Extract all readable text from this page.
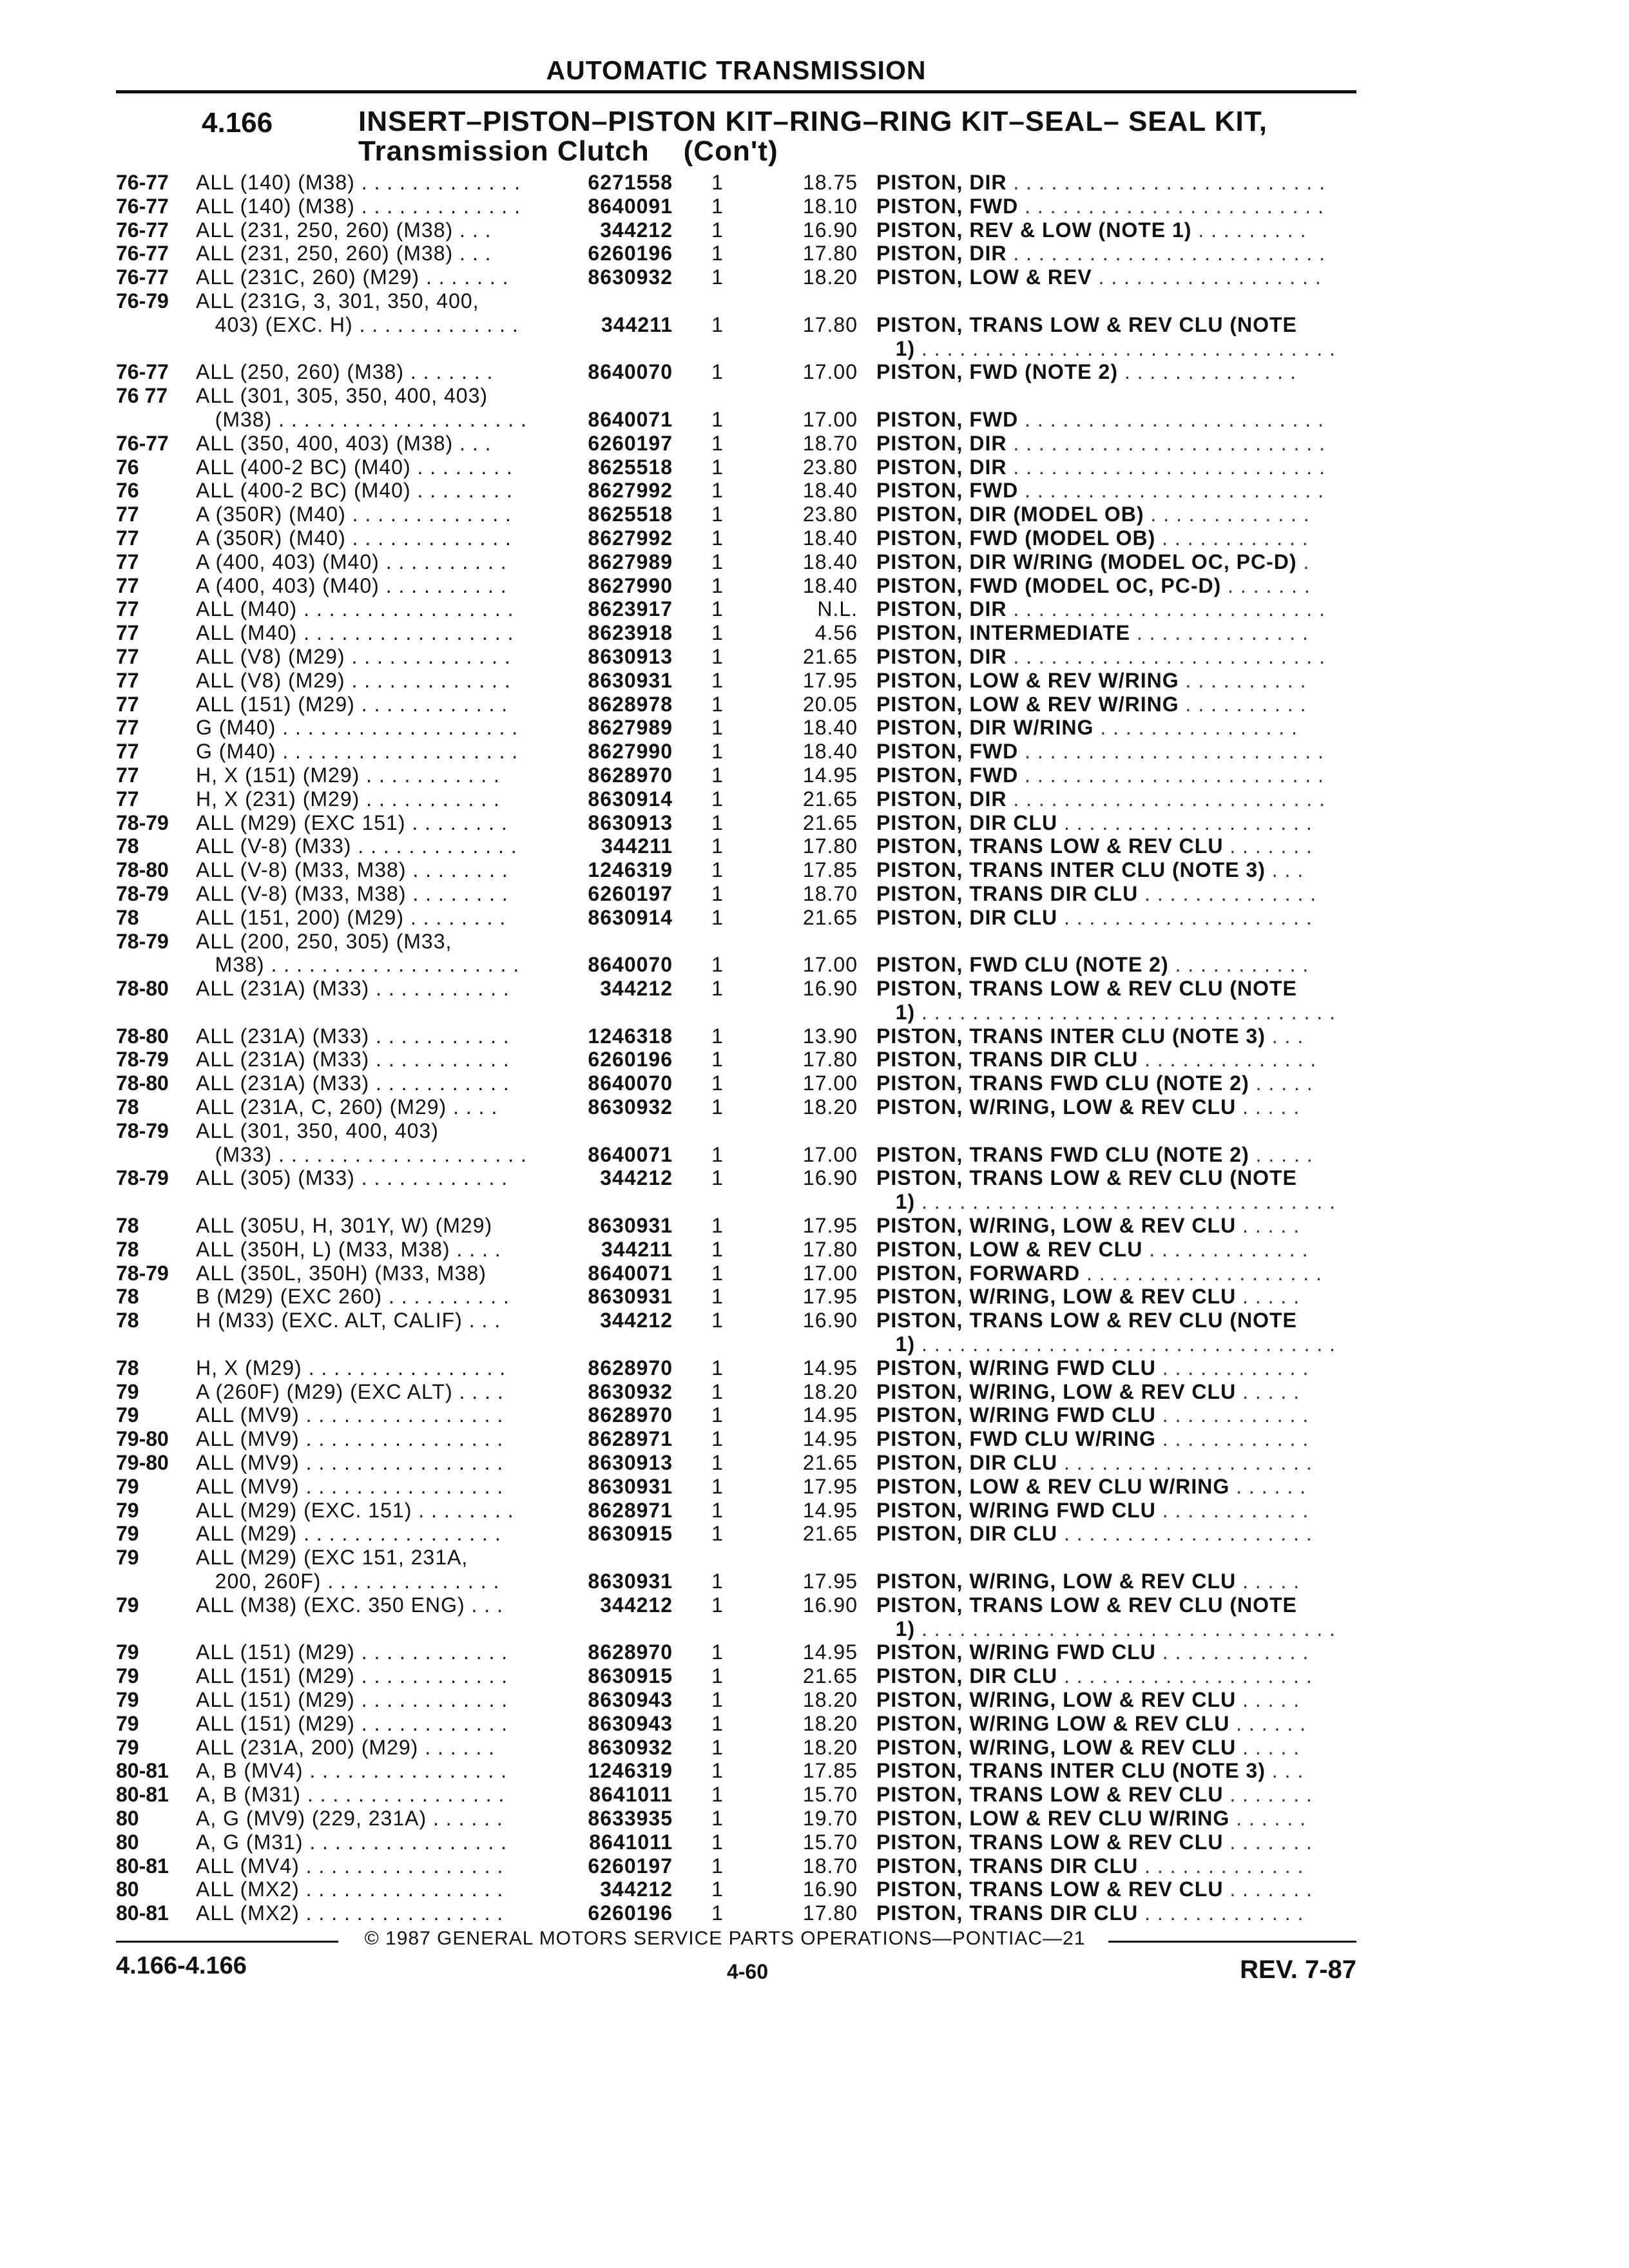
AUTOMATIC TRANSMISSION
4.166	INSERT–PISTON–PISTON KIT–RING–RING KIT–SEAL– SEAL KIT,
Transmission Clutch    (Con't)
76-77	ALL (140) (M38) . . . . . . . . . . . . .	6271558 1	18.75 PISTON, DIR . . . . . . . . . . . . . . . . . . . . . . . . .
76-77	ALL (140) (M38) . . . . . . . . . . . . .	8640091 1	18.10 PISTON, FWD . . . . . . . . . . . . . . . . . . . . . . . .
76-77	ALL (231, 250, 260) (M38) . . .	344212 1	16.90 PISTON, REV & LOW (NOTE 1) . . . . . . . . .
76-77	ALL (231, 250, 260) (M38) . . .	6260196 1	17.80 PISTON, DIR . . . . . . . . . . . . . . . . . . . . . . . . .
76-77	ALL (231C, 260) (M29) . . . . . . .	8630932 1	18.20 PISTON, LOW & REV . . . . . . . . . . . . . . . . . .
76-79	ALL (231G, 3, 301, 350, 400,
403) (EXC. H) . . . . . . . . . . . . .	344211 1	17.80 PISTON, TRANS LOW & REV CLU (NOTE
1) . . . . . . . . . . . . . . . . . . . . . . . . . . . . . . . . .
76-77	ALL (250, 260) (M38) . . . . . . .	8640070 1	17.00 PISTON, FWD (NOTE 2) . . . . . . . . . . . . . .
76 77	ALL (301, 305, 350, 400, 403)
(M38) . . . . . . . . . . . . . . . . . . . .	8640071 1	17.00 PISTON, FWD . . . . . . . . . . . . . . . . . . . . . . . .
76-77	ALL (350, 400, 403) (M38) . . .	6260197 1	18.70 PISTON, DIR . . . . . . . . . . . . . . . . . . . . . . . . .
76	ALL (400-2 BC) (M40) . . . . . . . .	8625518 1	23.80 PISTON, DIR . . . . . . . . . . . . . . . . . . . . . . . . .
76	ALL (400-2 BC) (M40) . . . . . . . .	8627992 1	18.40 PISTON, FWD . . . . . . . . . . . . . . . . . . . . . . . .
77	A (350R) (M40) . . . . . . . . . . . . .	8625518 1	23.80 PISTON, DIR (MODEL OB) . . . . . . . . . . . . .
77	A (350R) (M40) . . . . . . . . . . . . .	8627992 1	18.40 PISTON, FWD (MODEL OB) . . . . . . . . . . . .
77	A (400, 403) (M40) . . . . . . . . . .	8627989 1	18.40 PISTON, DIR W/RING (MODEL OC, PC-D) .
77	A (400, 403) (M40) . . . . . . . . . .	8627990 1	18.40 PISTON, FWD (MODEL OC, PC-D) . . . . . . .
77	ALL (M40) . . . . . . . . . . . . . . . . .	8623917 1	N.L. PISTON, DIR . . . . . . . . . . . . . . . . . . . . . . . . .
77	ALL (M40) . . . . . . . . . . . . . . . . .	8623918 1	4.56 PISTON, INTERMEDIATE . . . . . . . . . . . . . .
77	ALL (V8) (M29) . . . . . . . . . . . . .	8630913 1	21.65 PISTON, DIR . . . . . . . . . . . . . . . . . . . . . . . . .
77	ALL (V8) (M29) . . . . . . . . . . . . .	8630931 1	17.95 PISTON, LOW & REV W/RING . . . . . . . . . .
77	ALL (151) (M29) . . . . . . . . . . . .	8628978 1	20.05 PISTON, LOW & REV W/RING . . . . . . . . . .
77	G (M40) . . . . . . . . . . . . . . . . . . .	8627989 1	18.40 PISTON, DIR W/RING . . . . . . . . . . . . . . . .
77	G (M40) . . . . . . . . . . . . . . . . . . .	8627990 1	18.40 PISTON, FWD . . . . . . . . . . . . . . . . . . . . . . . .
77	H, X (151) (M29) . . . . . . . . . . .	8628970 1	14.95 PISTON, FWD . . . . . . . . . . . . . . . . . . . . . . . .
77	H, X (231) (M29) . . . . . . . . . . .	8630914 1	21.65 PISTON, DIR . . . . . . . . . . . . . . . . . . . . . . . . .
78-79	ALL (M29) (EXC 151) . . . . . . . .	8630913 1	21.65 PISTON, DIR CLU . . . . . . . . . . . . . . . . . . . .
78	ALL (V-8) (M33) . . . . . . . . . . . . .	344211 1	17.80 PISTON, TRANS LOW & REV CLU . . . . . . .
78-80	ALL (V-8) (M33, M38) . . . . . . . .	1246319 1	17.85 PISTON, TRANS INTER CLU (NOTE 3) . . .
78-79	ALL (V-8) (M33, M38) . . . . . . . .	6260197 1	18.70 PISTON, TRANS DIR CLU . . . . . . . . . . . . . .
78	ALL (151, 200) (M29) . . . . . . . .	8630914 1	21.65 PISTON, DIR CLU . . . . . . . . . . . . . . . . . . . .
78-79	ALL (200, 250, 305) (M33,
M38) . . . . . . . . . . . . . . . . . . . .	8640070 1	17.00 PISTON, FWD CLU (NOTE 2) . . . . . . . . . . .
78-80	ALL (231A) (M33) . . . . . . . . . . .	344212 1	16.90 PISTON, TRANS LOW & REV CLU (NOTE
1) . . . . . . . . . . . . . . . . . . . . . . . . . . . . . . . . .
78-80	ALL (231A) (M33) . . . . . . . . . . .	1246318 1	13.90 PISTON, TRANS INTER CLU (NOTE 3) . . .
78-79	ALL (231A) (M33) . . . . . . . . . . .	6260196 1	17.80 PISTON, TRANS DIR CLU . . . . . . . . . . . . . .
78-80	ALL (231A) (M33) . . . . . . . . . . .	8640070 1	17.00 PISTON, TRANS FWD CLU (NOTE 2) . . . . .
78	ALL (231A, C, 260) (M29) . . . .	8630932 1	18.20 PISTON, W/RING, LOW & REV CLU . . . . .
78-79	ALL (301, 350, 400, 403)
(M33) . . . . . . . . . . . . . . . . . . . .	8640071 1	17.00 PISTON, TRANS FWD CLU (NOTE 2) . . . . .
78-79	ALL (305) (M33) . . . . . . . . . . . .	344212 1	16.90 PISTON, TRANS LOW & REV CLU (NOTE
1) . . . . . . . . . . . . . . . . . . . . . . . . . . . . . . . . .
78	ALL (305U, H, 301Y, W) (M29)	8630931 1	17.95 PISTON, W/RING, LOW & REV CLU . . . . .
78	ALL (350H, L) (M33, M38) . . . .	344211 1	17.80 PISTON, LOW & REV CLU . . . . . . . . . . . . .
78-79	ALL (350L, 350H) (M33, M38)	8640071 1	17.00 PISTON, FORWARD . . . . . . . . . . . . . . . . . . .
78	B (M29) (EXC 260) . . . . . . . . . .	8630931 1	17.95 PISTON, W/RING, LOW & REV CLU . . . . .
78	H (M33) (EXC. ALT, CALIF) . . .	344212 1	16.90 PISTON, TRANS LOW & REV CLU (NOTE
1) . . . . . . . . . . . . . . . . . . . . . . . . . . . . . . . . .
78	H, X (M29) . . . . . . . . . . . . . . . .	8628970 1	14.95 PISTON, W/RING FWD CLU . . . . . . . . . . . .
79	A (260F) (M29) (EXC ALT) . . . .	8630932 1	18.20 PISTON, W/RING, LOW & REV CLU . . . . .
79	ALL (MV9) . . . . . . . . . . . . . . . .	8628970 1	14.95 PISTON, W/RING FWD CLU . . . . . . . . . . . .
79-80	ALL (MV9) . . . . . . . . . . . . . . . .	8628971 1	14.95 PISTON, FWD CLU W/RING . . . . . . . . . . . .
79-80	ALL (MV9) . . . . . . . . . . . . . . . .	8630913 1	21.65 PISTON, DIR CLU . . . . . . . . . . . . . . . . . . . .
79	ALL (MV9) . . . . . . . . . . . . . . . .	8630931 1	17.95 PISTON, LOW & REV CLU W/RING . . . . . .
79	ALL (M29) (EXC. 151) . . . . . . . .	8628971 1	14.95 PISTON, W/RING FWD CLU . . . . . . . . . . . .
79	ALL (M29) . . . . . . . . . . . . . . . .	8630915 1	21.65 PISTON, DIR CLU . . . . . . . . . . . . . . . . . . . .
79	ALL (M29) (EXC 151, 231A,
200, 260F) . . . . . . . . . . . . . .	8630931 1	17.95 PISTON, W/RING, LOW & REV CLU . . . . .
79	ALL (M38) (EXC. 350 ENG) . . .	344212 1	16.90 PISTON, TRANS LOW & REV CLU (NOTE
1) . . . . . . . . . . . . . . . . . . . . . . . . . . . . . . . . .
79	ALL (151) (M29) . . . . . . . . . . . .	8628970 1	14.95 PISTON, W/RING FWD CLU . . . . . . . . . . . .
79	ALL (151) (M29) . . . . . . . . . . . .	8630915 1	21.65 PISTON, DIR CLU . . . . . . . . . . . . . . . . . . . .
79	ALL (151) (M29) . . . . . . . . . . . .	8630943 1	18.20 PISTON, W/RING, LOW & REV CLU . . . . .
79	ALL (151) (M29) . . . . . . . . . . . .	8630943 1	18.20 PISTON, W/RING LOW & REV CLU . . . . . .
79	ALL (231A, 200) (M29) . . . . . .	8630932 1	18.20 PISTON, W/RING, LOW & REV CLU . . . . .
80-81	A, B (MV4) . . . . . . . . . . . . . . . .	1246319 1	17.85 PISTON, TRANS INTER CLU (NOTE 3) . . .
80-81	A, B (M31) . . . . . . . . . . . . . . . .	8641011 1	15.70 PISTON, TRANS LOW & REV CLU . . . . . . .
80	A, G (MV9) (229, 231A) . . . . . .	8633935 1	19.70 PISTON, LOW & REV CLU W/RING . . . . . .
80	A, G (M31) . . . . . . . . . . . . . . . .	8641011 1	15.70 PISTON, TRANS LOW & REV CLU . . . . . . .
80-81	ALL (MV4) . . . . . . . . . . . . . . . .	6260197 1	18.70 PISTON, TRANS DIR CLU . . . . . . . . . . . . .
80	ALL (MX2) . . . . . . . . . . . . . . . .	344212 1	16.90 PISTON, TRANS LOW & REV CLU . . . . . . .
80-81	ALL (MX2) . . . . . . . . . . . . . . . .	6260196 1	17.80 PISTON, TRANS DIR CLU . . . . . . . . . . . . .
© 1987 GENERAL MOTORS SERVICE PARTS OPERATIONS—PONTIAC—21
4.166-4.166	4-60	REV. 7-87
